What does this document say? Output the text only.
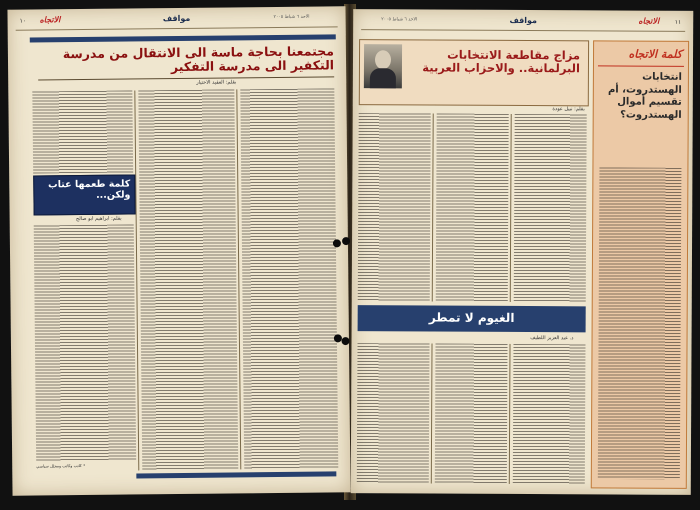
١٠ الاتجاه	مواقف	الاحد ٦ شباط ٢٠٠٥
مجتمعنا بحاجة ماسة الى الانتقال من مدرسة التكفير الى مدرسة التفكير
بقلم: العقيد الاختيار
كلمة طعمها عتاب ولكن...
بقلم: ابراهيم ابو صالح
* كاتب وكاتب ومحلل سياسي
١١
الاتجاه
مواقف
الاحد ٦ شباط ٢٠٠٥
مزاج مقاطعة الانتخابات البرلمانية.. والاحزاب العربية
بقلم: نبيل عودة
كلمة الاتجاه
انتخابات الهستدروت، أم تقسيم أموال الهستدروت؟
الغيوم لا تمطر
د. عبد العزيز اللطيف
